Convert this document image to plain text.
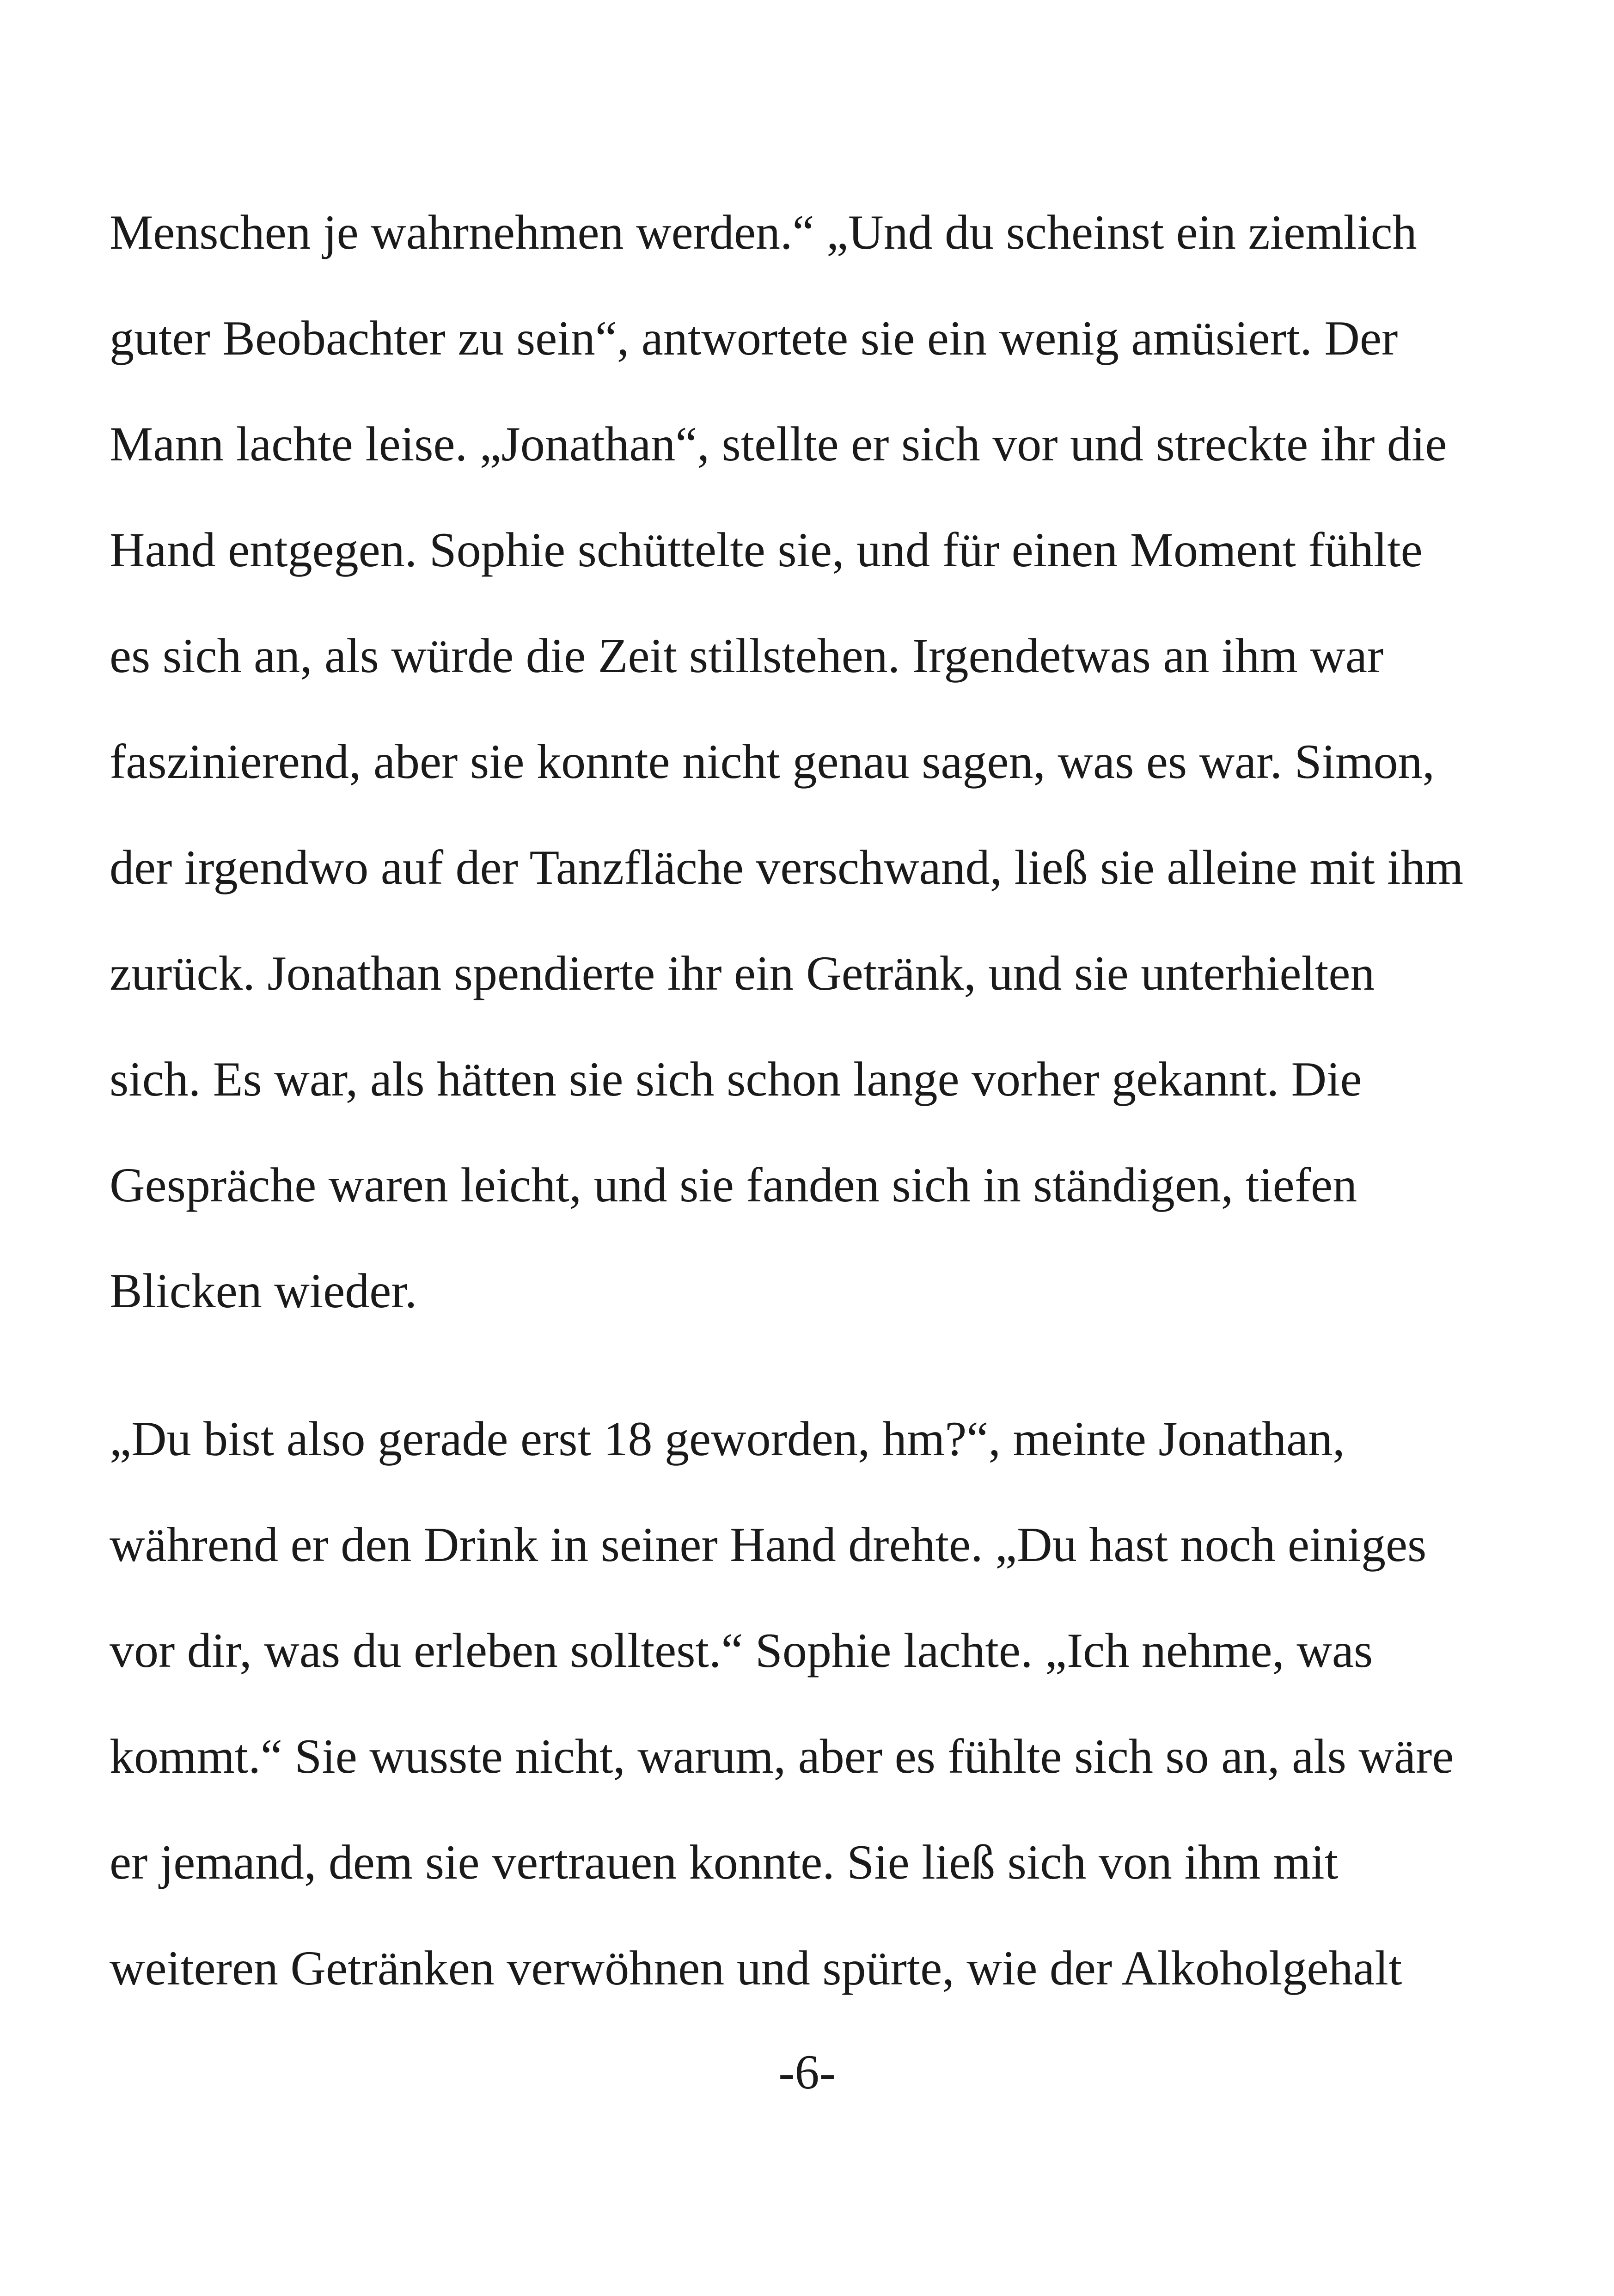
Menschen je wahrnehmen werden.“ „Und du scheinst ein ziemlich
guter Beobachter zu sein“, antwortete sie ein wenig amüsiert. Der
Mann lachte leise. „Jonathan“, stellte er sich vor und streckte ihr die
Hand entgegen. Sophie schüttelte sie, und für einen Moment fühlte
es sich an, als würde die Zeit stillstehen. Irgendetwas an ihm war
faszinierend, aber sie konnte nicht genau sagen, was es war. Simon,
der irgendwo auf der Tanzfläche verschwand, ließ sie alleine mit ihm
zurück. Jonathan spendierte ihr ein Getränk, und sie unterhielten
sich. Es war, als hätten sie sich schon lange vorher gekannt. Die
Gespräche waren leicht, und sie fanden sich in ständigen, tiefen
Blicken wieder.
„Du bist also gerade erst 18 geworden, hm?“, meinte Jonathan,
während er den Drink in seiner Hand drehte. „Du hast noch einiges
vor dir, was du erleben solltest.“ Sophie lachte. „Ich nehme, was
kommt.“ Sie wusste nicht, warum, aber es fühlte sich so an, als wäre
er jemand, dem sie vertrauen konnte. Sie ließ sich von ihm mit
weiteren Getränken verwöhnen und spürte, wie der Alkoholgehalt
-6-
